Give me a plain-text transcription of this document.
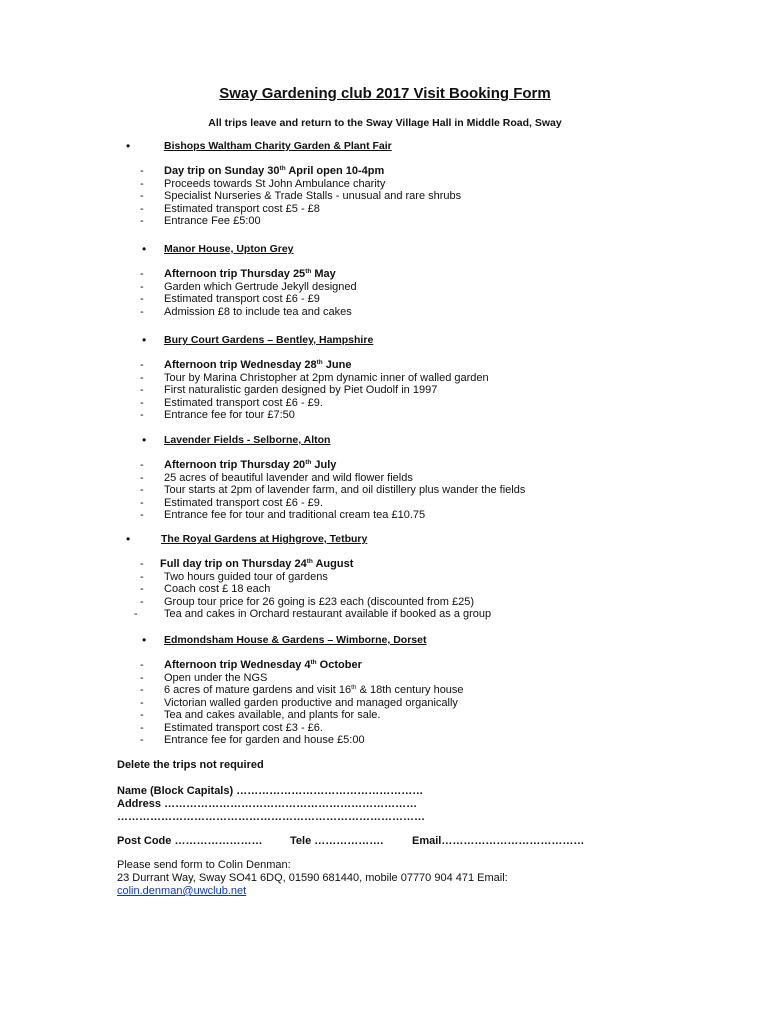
Sway Gardening club 2017 Visit Booking Form
All trips leave and return to the Sway Village Hall in Middle Road, Sway
•	Bishops Waltham Charity Garden & Plant Fair
- Day trip on Sunday 30th April open 10-4pm
- Proceeds towards St John Ambulance charity
- Specialist Nurseries & Trade Stalls - unusual and rare shrubs
- Estimated transport cost £5 - £8
- Entrance Fee £5:00
• Manor House, Upton Grey
- Afternoon trip Thursday 25th May
- Garden which Gertrude Jekyll designed
- Estimated transport cost £6 - £9
- Admission £8 to include tea and cakes
• Bury Court Gardens – Bentley, Hampshire
- Afternoon trip Wednesday 28th June
- Tour by Marina Christopher at 2pm dynamic inner of walled garden
- First naturalistic garden designed by Piet Oudolf in 1997
- Estimated transport cost £6 - £9.
- Entrance fee for tour £7:50
• Lavender Fields - Selborne, Alton
- Afternoon trip Thursday 20th July
- 25 acres of beautiful lavender and wild flower fields
- Tour starts at 2pm of lavender farm, and oil distillery plus wander the fields
- Estimated transport cost £6 - £9.
- Entrance fee for tour and traditional cream tea £10.75
•	The Royal Gardens at Highgrove, Tetbury
- Full day trip on Thursday 24th August
- Two hours guided tour of gardens
- Coach cost £ 18 each
- Group tour price for 26 going is £23 each (discounted from £25)
- Tea and cakes in Orchard restaurant available if booked as a group
• Edmondsham House & Gardens – Wimborne, Dorset
- Afternoon trip Wednesday 4th October
- Open under the NGS
- 6 acres of mature gardens and visit 16th & 18th century house
- Victorian walled garden productive and managed organically
- Tea and cakes available, and plants for sale.
- Estimated transport cost £3 - £6.
- Entrance fee for garden and house £5:00
Delete the trips not required
Name (Block Capitals) ……………………………………………
Address ……………………………………………………………
…………………………………………………………………………
Post Code ……………………	Tele ……………….	Email…………………………………
Please send form to Colin Denman:
23 Durrant Way, Sway SO41 6DQ, 01590 681440, mobile 07770 904 471 Email:
colin.denman@uwclub.net
